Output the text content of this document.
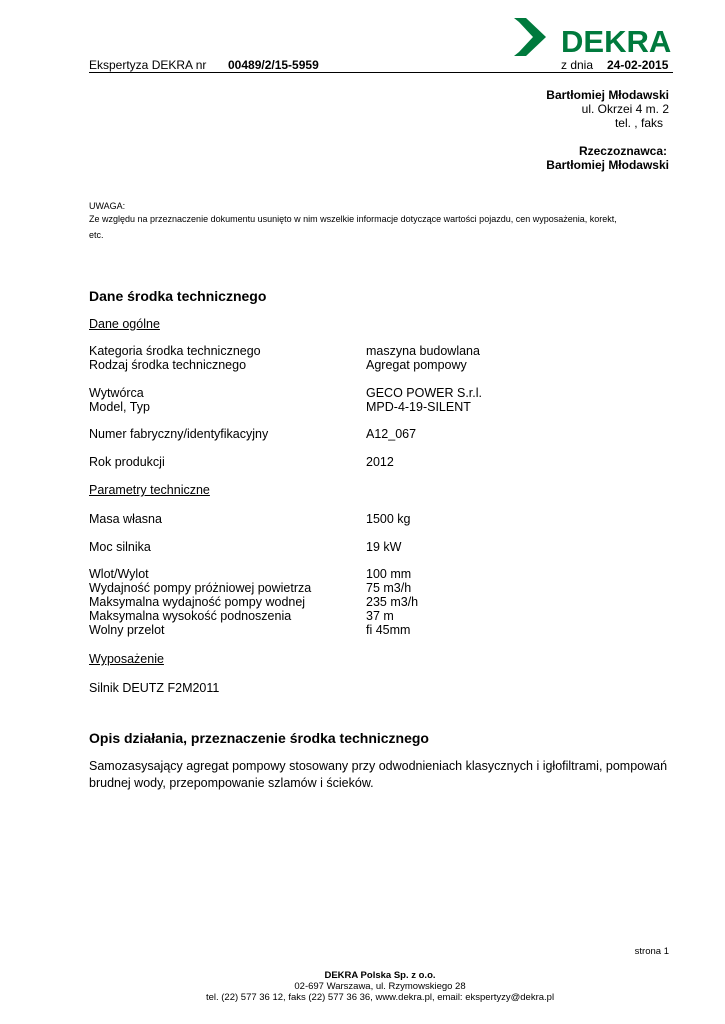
DEKRA
Ekspertyza DEKRA nr 00489/2/15-5959	z dnia 24-02-2015
Bartłomiej Młodawski
ul. Okrzei 4 m. 2
tel. , faks
Rzeczoznawca:
Bartłomiej Młodawski
UWAGA:
Ze względu na przeznaczenie dokumentu usunięto w nim wszelkie informacje dotyczące wartości pojazdu, cen wyposażenia, korekt,
etc.
Dane środka technicznego
Dane ogólne
Kategoria środka technicznego	maszyna budowlana
Rodzaj środka technicznego	Agregat pompowy
Wytwórca	GECO POWER S.r.l.
Model, Typ	MPD-4-19-SILENT
Numer fabryczny/identyfikacyjny	A12_067
Rok produkcji	2012
Parametry techniczne
Masa własna	1500 kg
Moc silnika	19 kW
Wlot/Wylot	100 mm
Wydajność pompy próżniowej powietrza	75 m3/h
Maksymalna wydajność pompy wodnej	235 m3/h
Maksymalna wysokość podnoszenia	37 m
Wolny przelot	fi 45mm
Wyposażenie
Silnik DEUTZ F2M2011
Opis działania, przeznaczenie środka technicznego
Samozasysający agregat pompowy stosowany przy odwodnieniach klasycznych i igłofiltrami, pompowań
brudnej wody, przepompowanie szlamów i ścieków.
strona 1
DEKRA Polska Sp. z o.o.
02-697 Warszawa, ul. Rzymowskiego 28
tel. (22) 577 36 12, faks (22) 577 36 36, www.dekra.pl, email: ekspertyzy@dekra.pl
